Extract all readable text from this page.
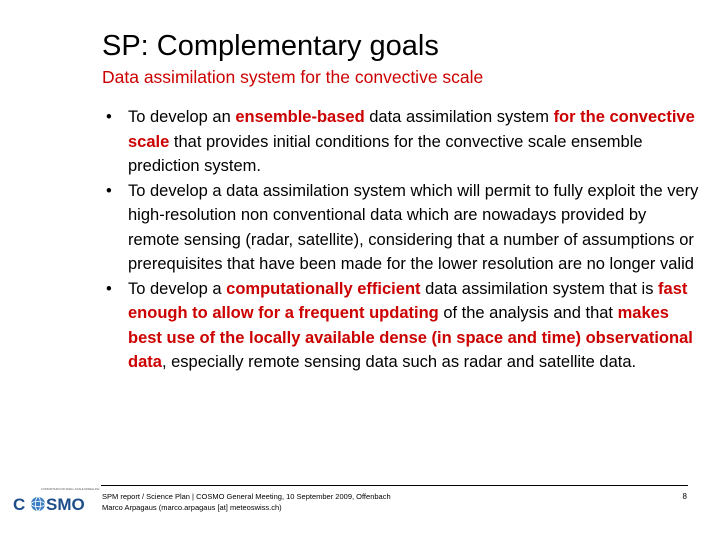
SP: Complementary goals
Data assimilation system for the convective scale
• To develop an ensemble-based data assimilation system for the convective scale that provides initial conditions for the convective scale ensemble prediction system.
• To develop a data assimilation system which will permit to fully exploit the very high-resolution non conventional data which are nowadays provided by remote sensing (radar, satellite), considering that a number of assumptions or prerequisites that have been made for the lower resolution are no longer valid
• To develop a computationally efficient data assimilation system that is fast enough to allow for a frequent updating of the analysis and that makes best use of the locally available dense (in space and time) observational data, especially remote sensing data such as radar and satellite data.
CONSORTIUM FOR SMALL-SCALE MODELLING
C SMO SPM report / Science Plan | COSMO General Meeting, 10 September 2009, Offenbach
Marco Arpagaus (marco.arpagaus [at] meteoswiss.ch)
8
